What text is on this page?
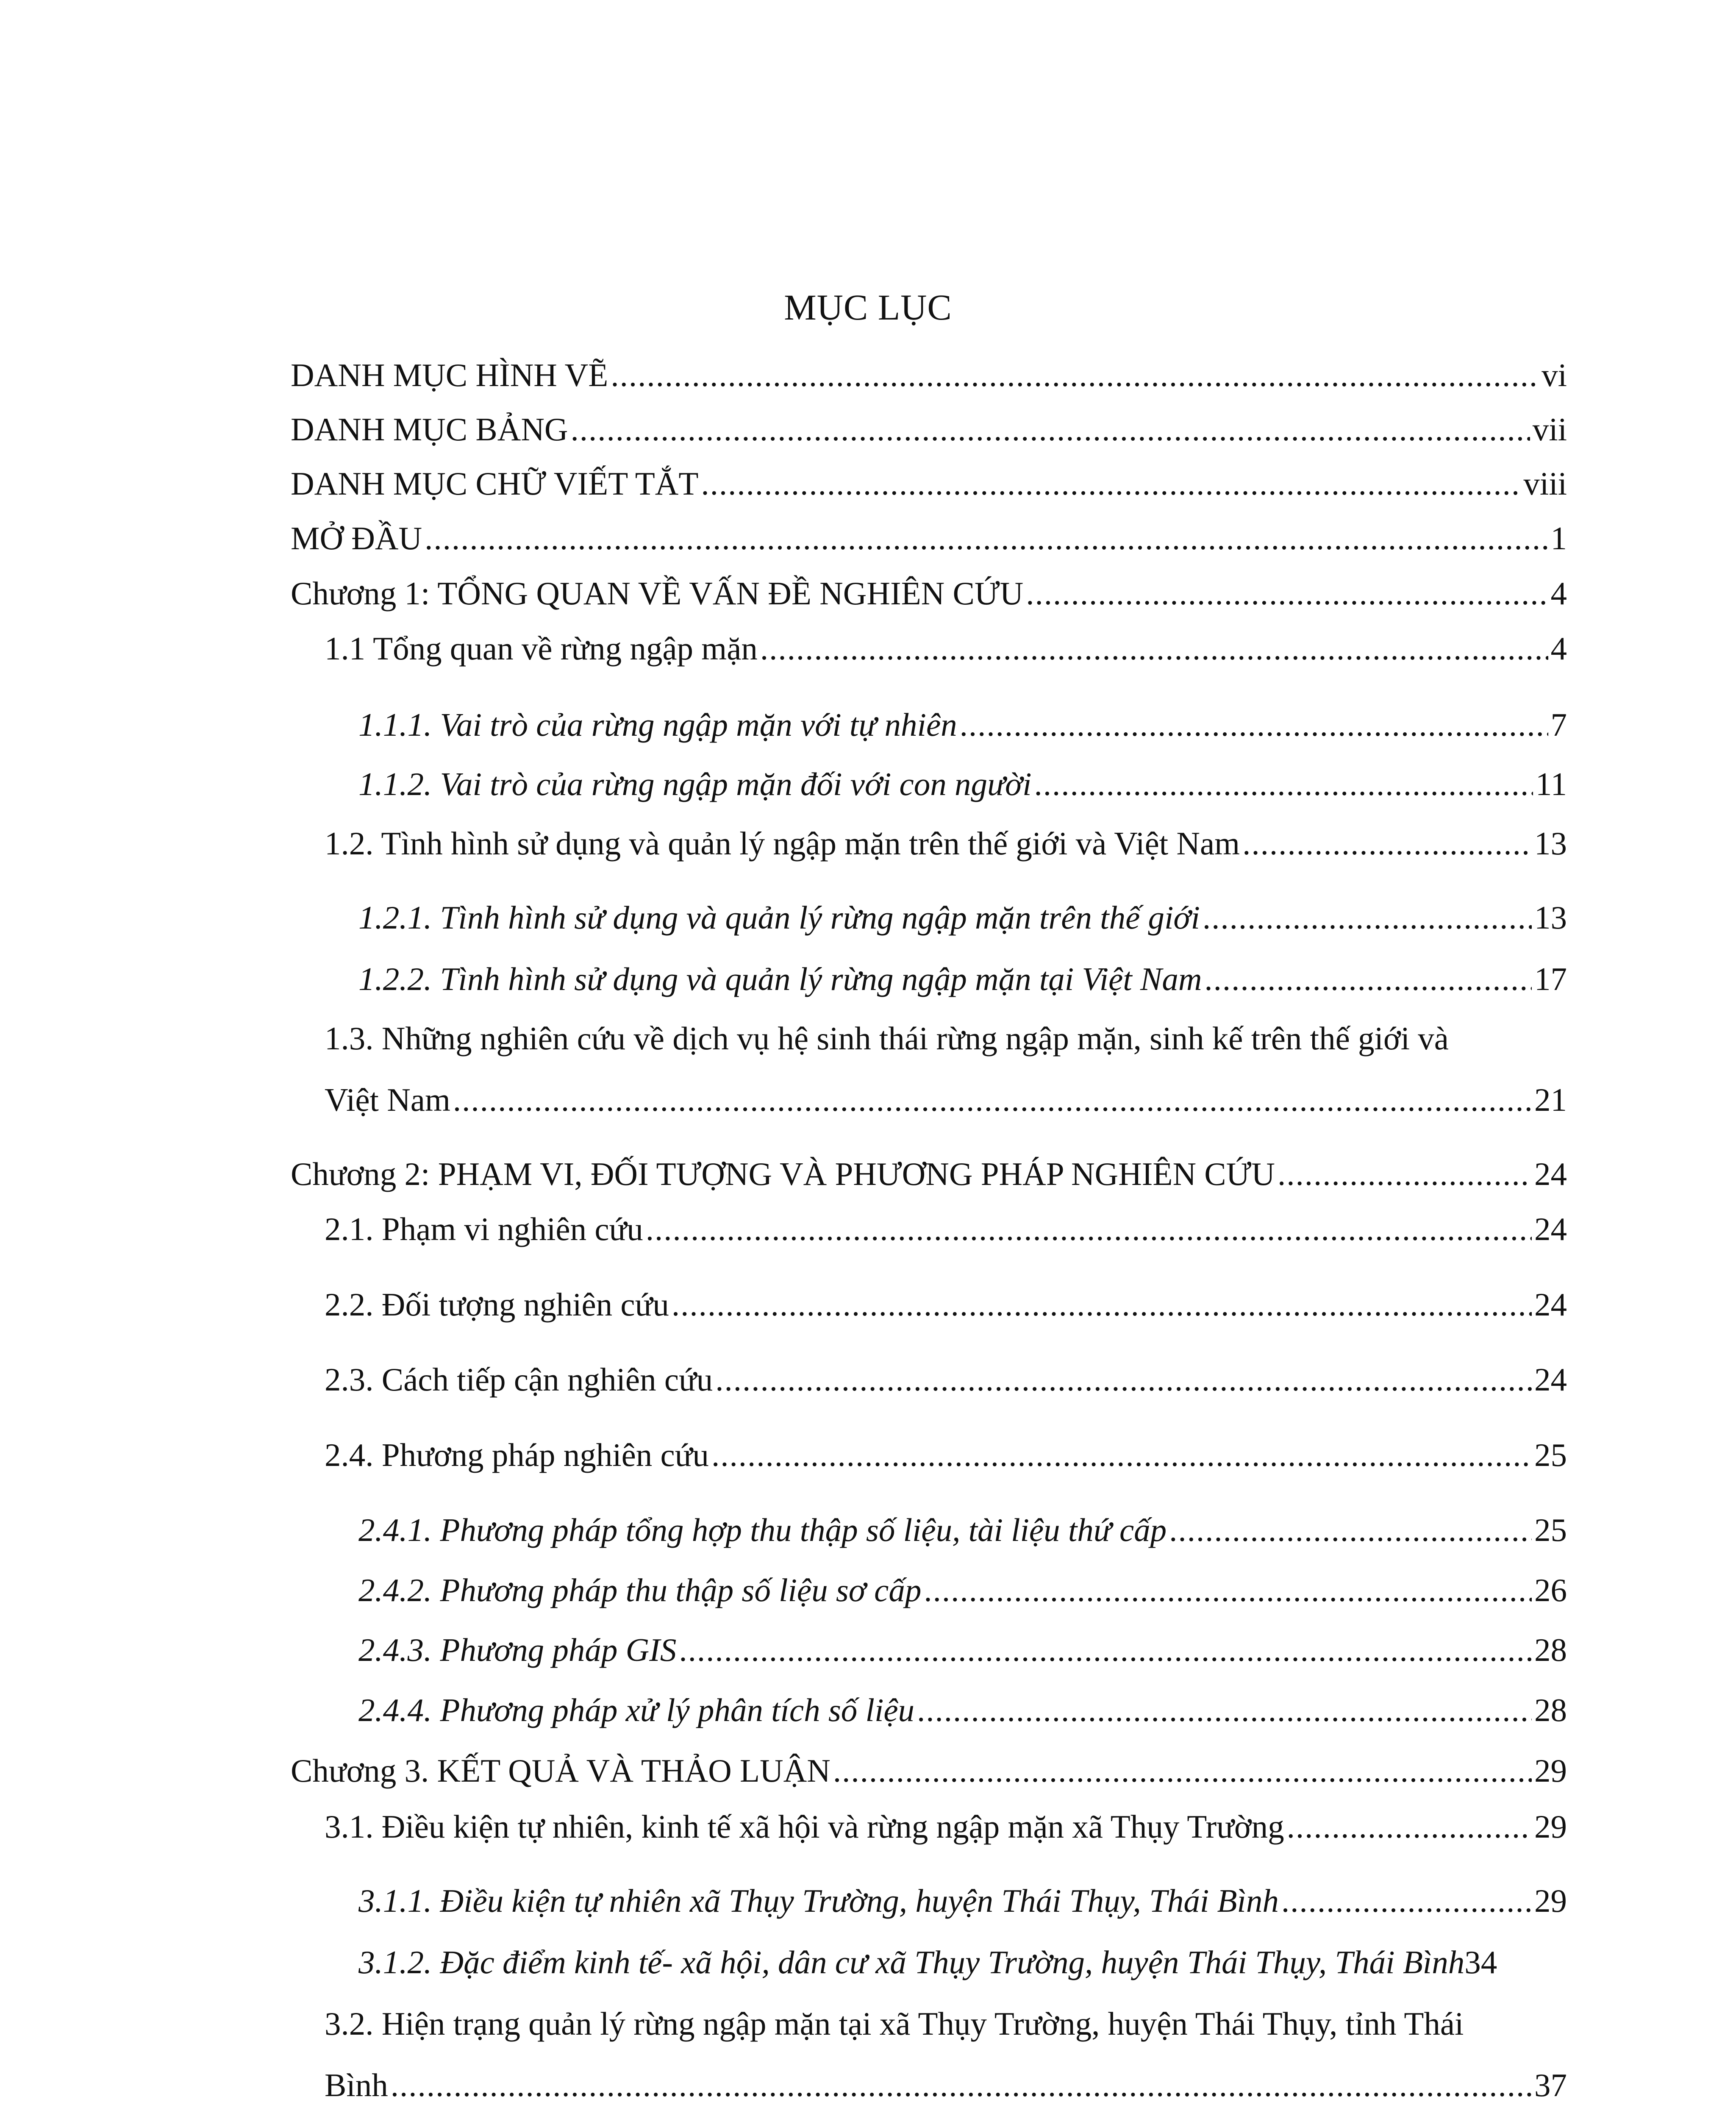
MỤC LỤC
DANH MỤC HÌNH VẼ .....	vi
DANH MỤC BẢNG .....	vii
DANH MỤC CHỮ VIẾT TẮT .....	viii
MỞ ĐẦU .....	1
Chương 1: TỔNG QUAN VỀ VẤN ĐỀ NGHIÊN CỨU .....	4
1.1 Tổng quan về rừng ngập mặn .....	4
1.1.1. Vai trò của rừng ngập mặn với tự nhiên .....	7
1.1.2. Vai trò của rừng ngập mặn đối với con người .....	11
1.2. Tình hình sử dụng và quản lý ngập mặn trên thế giới và Việt Nam .....	13
1.2.1. Tình hình sử dụng và quản lý rừng ngập mặn trên thế giới .....	13
1.2.2. Tình hình sử dụng và quản lý rừng ngập mặn tại Việt Nam .....	17
1.3. Những nghiên cứu về dịch vụ hệ sinh thái rừng ngập mặn, sinh kế trên thế giới và
Việt Nam .....	21
Chương 2: PHẠM VI, ĐỐI TƯỢNG VÀ PHƯƠNG PHÁP NGHIÊN CỨU .....	24
2.1. Phạm vi nghiên cứu .....	24
2.2. Đối tượng nghiên cứu .....	24
2.3. Cách tiếp cận nghiên cứu .....	24
2.4. Phương pháp nghiên cứu .....	25
2.4.1. Phương pháp tổng hợp thu thập số liệu, tài liệu thứ cấp .....	25
2.4.2. Phương pháp thu thập số liệu sơ cấp .....	26
2.4.3. Phương pháp GIS .....	28
2.4.4. Phương pháp xử lý phân tích số liệu .....	28
Chương 3. KẾT QUẢ VÀ THẢO LUẬN .....	29
3.1. Điều kiện tự nhiên, kinh tế xã hội và rừng ngập mặn xã Thụy Trường .....	29
3.1.1. Điều kiện tự nhiên xã Thụy Trường, huyện Thái Thụy, Thái Bình .....	29
3.1.2. Đặc điểm kinh tế- xã hội, dân cư xã Thụy Trường, huyện Thái Thụy, Thái Bình 34
3.2. Hiện trạng quản lý rừng ngập mặn tại xã Thụy Trường, huyện Thái Thụy, tỉnh Thái
Bình .....	37
